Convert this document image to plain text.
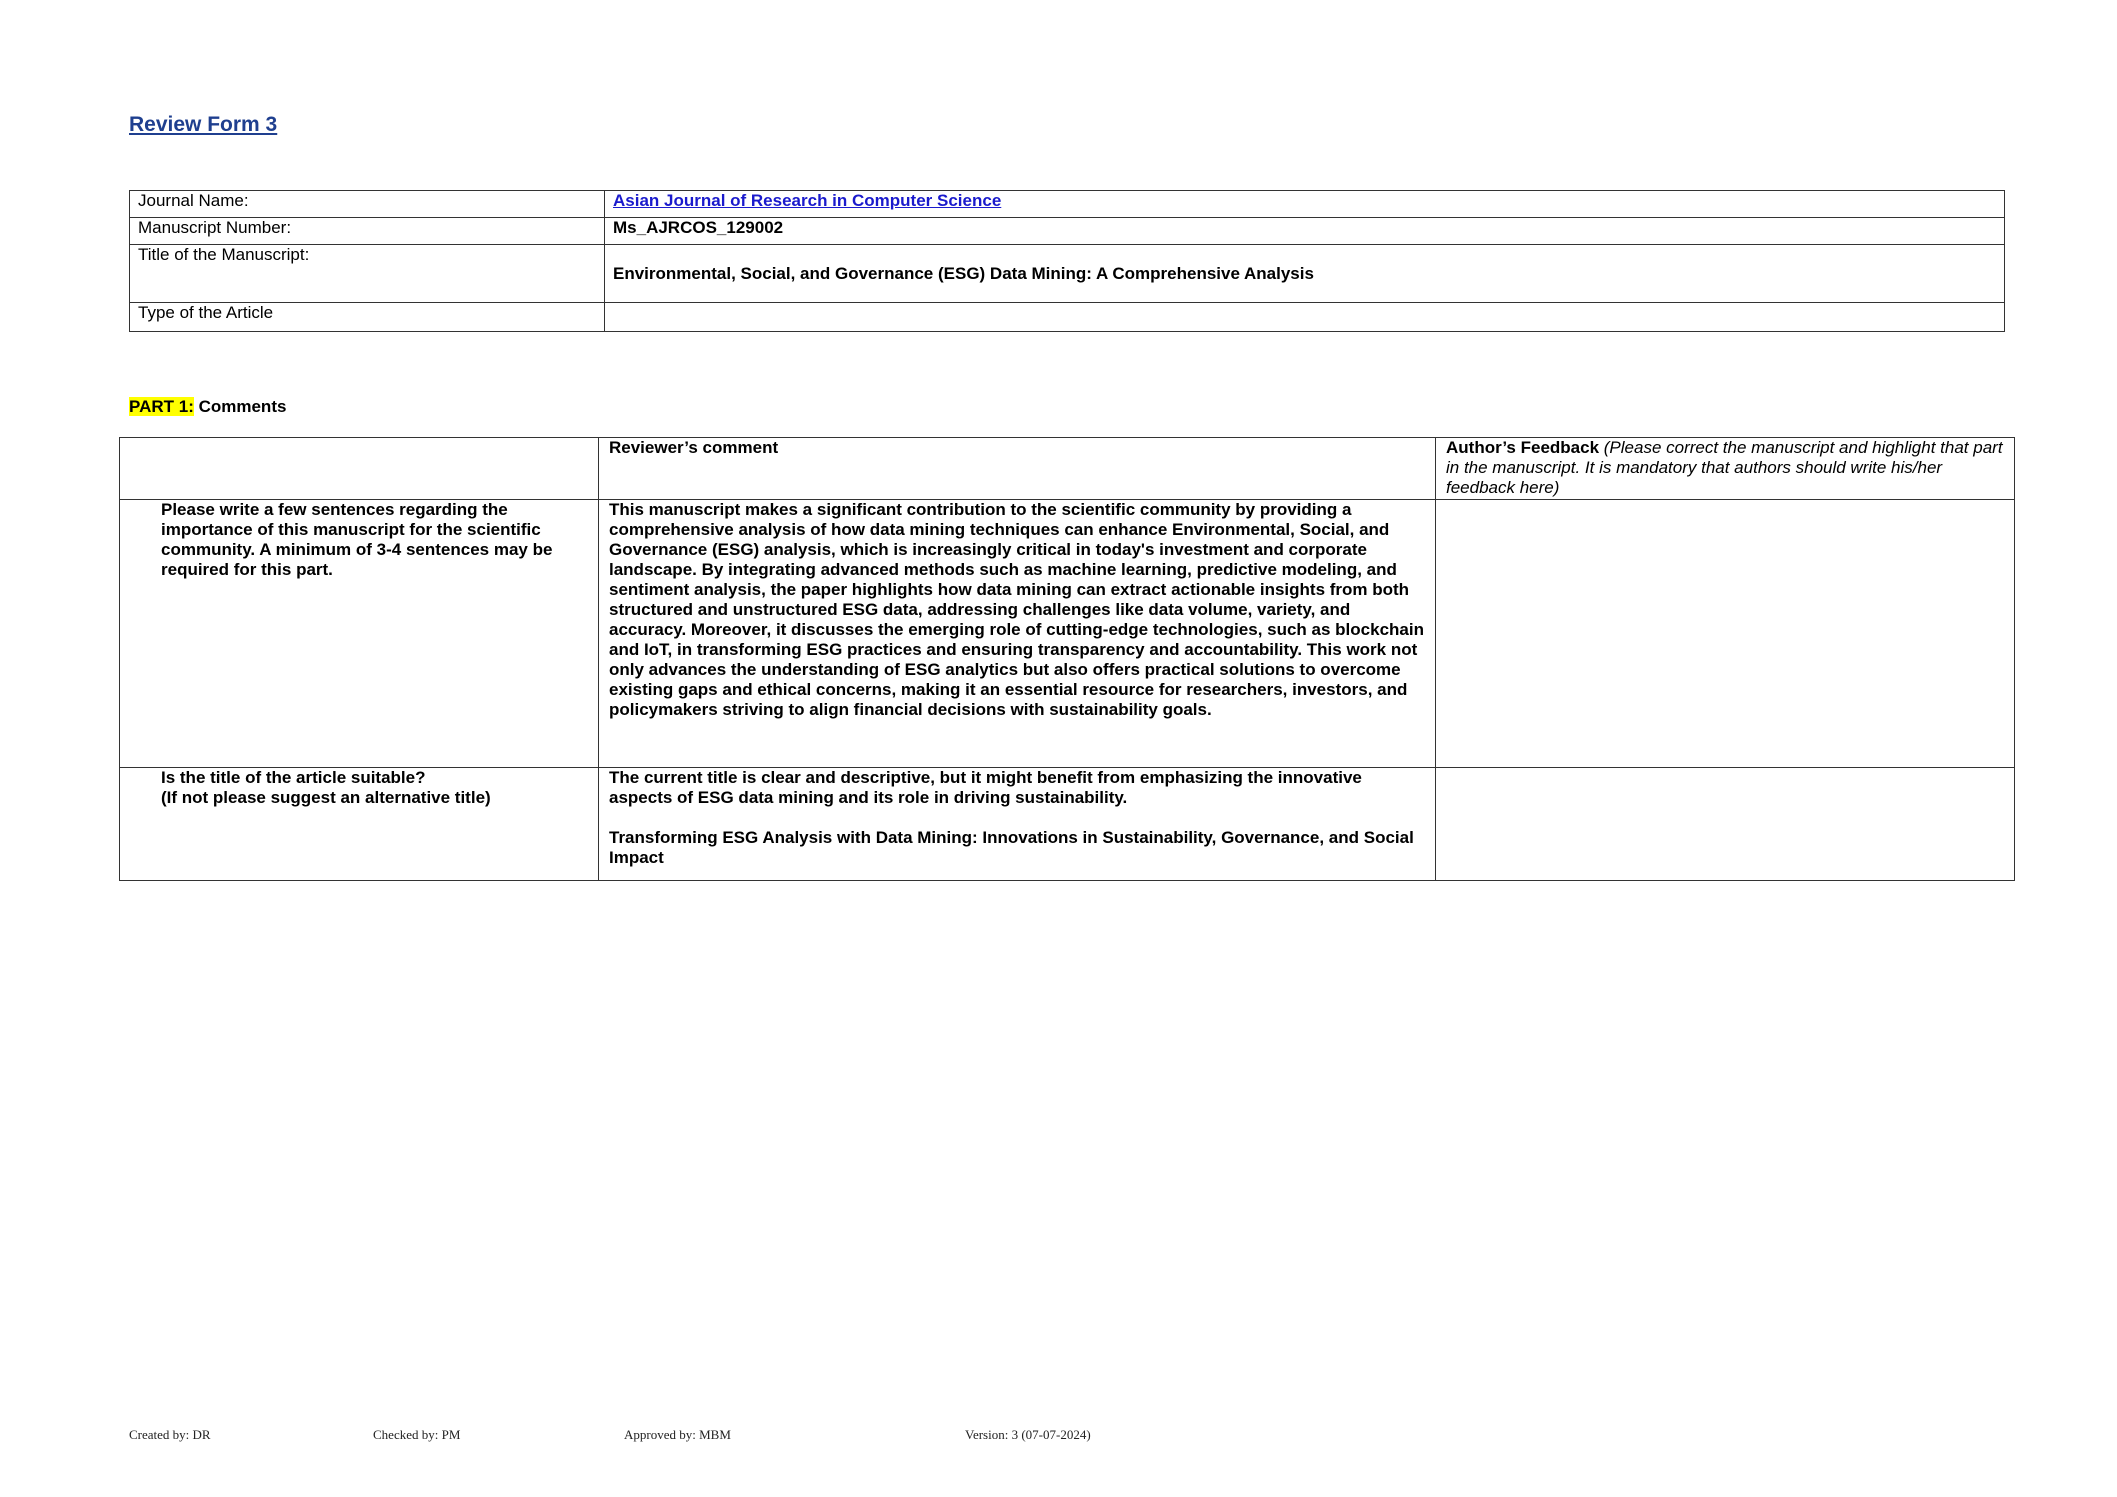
Review Form 3
Journal Name:	Asian Journal of Research in Computer Science
Manuscript Number:	Ms_AJRCOS_129002
Title of the Manuscript:	Environmental, Social, and Governance (ESG) Data Mining: A Comprehensive Analysis
Type of the Article	

PART 1: Comments

	Reviewer’s comment	Author’s Feedback (Please correct the manuscript and highlight that part in the manuscript. It is mandatory that authors should write his/her feedback here)
Please write a few sentences regarding the importance of this manuscript for the scientific community. A minimum of 3-4 sentences may be required for this part.	This manuscript makes a significant contribution to the scientific community by providing a comprehensive analysis of how data mining techniques can enhance Environmental, Social, and Governance (ESG) analysis, which is increasingly critical in today's investment and corporate landscape. By integrating advanced methods such as machine learning, predictive modeling, and sentiment analysis, the paper highlights how data mining can extract actionable insights from both structured and unstructured ESG data, addressing challenges like data volume, variety, and accuracy. Moreover, it discusses the emerging role of cutting-edge technologies, such as blockchain and IoT, in transforming ESG practices and ensuring transparency and accountability. This work not only advances the understanding of ESG analytics but also offers practical solutions to overcome existing gaps and ethical concerns, making it an essential resource for researchers, investors, and policymakers striving to align financial decisions with sustainability goals.	
Is the title of the article suitable?
(If not please suggest an alternative title)	The current title is clear and descriptive, but it might benefit from emphasizing the innovative aspects of ESG data mining and its role in driving sustainability.
Transforming ESG Analysis with Data Mining: Innovations in Sustainability, Governance, and Social Impact	
Created by: DR	Checked by: PM	Approved by: MBM	Version: 3 (07-07-2024)
